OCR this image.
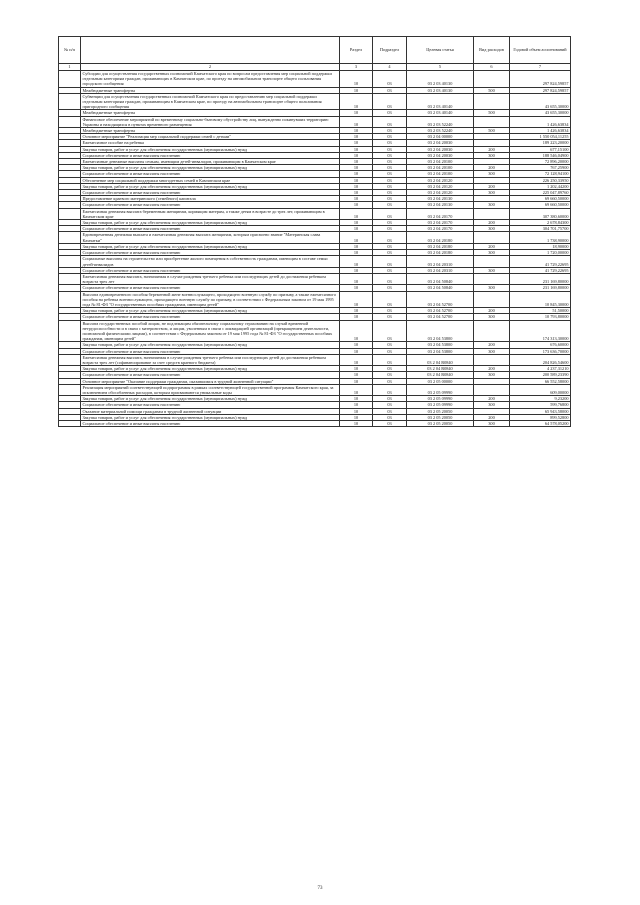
№ п/п		Раздел	Подраздел	Целевая статья	Вид расходов	Годовой объем ассигнований
1	2	3	4	5	6	7
	Субсидии для осуществления государственных полномочий Камчатского края по вопросам предоставления мер социальной поддержки отдельным категориям граждан, проживающих в Камчатском крае, по проезду на автомобильном транспорте общего пользования городского сообщения	10	03	03 2 03 40130		297 824,59857
	Межбюджетные трансферты	10	03	03 2 03 40130	500	297 824,59857
	Субвенции для осуществления государственных полномочий Камчатского края по предоставлению мер социальной поддержки отдельным категориям граждан, проживающим в Камчатском крае, по проезду на автомобильном транспорте общего пользования пригородного сообщения	10	03	03 2 03 40140		43 655,30000
	Межбюджетные трансферты	10	03	03 2 03 40140	500	43 655,30000
	Финансовое обеспечение мероприятий по временному социально-бытовому обустройству лиц, вынужденно покинувших территорию Украины и находящихся в пунктах временного размещения	10	03	03 2 03 52240		1 426,63834
	Межбюджетные трансферты	10	03	03 2 03 52240	500	1 426,63834
	Основное мероприятие "Реализация мер социальной поддержки семей с детьми"	10	03	03 2 04 00000		1 550 054,11255
	Ежемесячное пособие на ребенка	10	03	03 2 04 20030		189 223,20000
	Закупка товаров, работ и услуг для обеспечения государственных (муниципальных) нужд	10	03	03 2 04 20030	200	677,15100
	Социальное обеспечение и иные выплаты населению	10	03	03 2 04 20030	300	188 546,04900
	Ежемесячные денежные выплаты семьям, имеющим детей-инвалидов, проживающим в Камчатском крае	10	03	03 2 04 20100		72 896,20000
	Закупка товаров, работ и услуг для обеспечения государственных (муниципальных) нужд	10	03	03 2 04 20100	200	767,25900
	Социальное обеспечение и иные выплаты населению	10	03	03 2 04 20100	300	72 128,94100
	Обеспечение мер социальной поддержки многодетных семей в Камчатском крае	10	03	03 2 04 20120		226 250,33950
	Закупка товаров, работ и услуг для обеспечения государственных (муниципальных) нужд	10	03	03 2 04 20120	200	1 202,44200
	Социальное обеспечение и иные выплаты населению	10	03	03 2 04 20120	300	225 047,89760
	Предоставление краевого материнского (семейного) капитала	10	03	03 2 04 20130		69 660,50000
	Социальное обеспечение и иные выплаты населению	10	03	03 2 04 20130	300	69 660,50000
	Ежемесячная денежная выплата беременным женщинам, кормящим матерям, а также детям в возрасте до трех лет, проживающим в Камчатском крае	10	03	03 2 04 20170		307 380,60000
	Закупка товаров, работ и услуг для обеспечения государственных (муниципальных) нужд	10	03	03 2 04 20170	200	2 678,84300
	Социальное обеспечение и иные выплаты населению	10	03	03 2 04 20170	300	304 701,75700
	Единовременная денежная выплата и ежемесячная денежная выплата женщинам, которым присвоено звание "Материнская слава Камчатки"	10	03	03 2 04 20180		1 738,90000
	Закупка товаров, работ и услуг для обеспечения государственных (муниципальных) нужд	10	03	03 2 04 20180	200	18,90000
	Социальное обеспечение и иные выплаты населению	10	03	03 2 04 20180	300	1 720,00000
	Социальные выплаты на строительство или приобретение жилого помещения в собственность гражданам, имеющим в составе семьи детей-инвалидов	10	03	03 2 04 20310		41 729,22695
	Социальное обеспечение и иные выплаты населению	10	03	03 2 04 20310	300	41 729,22695
	Ежемесячная денежная выплата, назначаемая в случае рождения третьего ребенка или последующих детей до достижения ребенком возраста трех лет	10	03	03 2 04 50840		231 169,80000
	Социальное обеспечение и иные выплаты населению	10	03	03 2 04 50840	300	231 169,80000
	Выплата единовременного пособия беременной жене военнослужащего, проходящего военную службу по призыву, а также ежемесячного пособия на ребенка военнослужащего, проходящего военную службу по призыву, в соответствии с Федеральным законом от 19 мая 1995 года № 81-ФЗ "О государственных пособиях гражданам, имеющим детей"	10	03	03 2 04 52700		10 845,30000
	Закупка товаров, работ и услуг для обеспечения государственных (муниципальных) нужд	10	03	03 2 04 52700	200	51,50000
	Социальное обеспечение и иные выплаты населению	10	03	03 2 04 52700	300	10 793,80000
	Выплата государственных пособий лицам, не подлежащим обязательному социальному страхованию на случай временной нетрудоспособности и в связи с материнством, и лицам, уволенным в связи с ликвидацией организаций (прекращением деятельности, полномочий физическими лицами), в соответствии с Федеральным законом от 19 мая 1995 года № 81-ФЗ "О государственных пособиях гражданам, имеющим детей"	10	03	03 2 04 53800		174 313,30000
	Закупка товаров, работ и услуг для обеспечения государственных (муниципальных) нужд	10	03	03 2 04 53800	200	676,60000
	Социальное обеспечение и иные выплаты населению	10	03	03 2 04 53800	300	173 636,70000
	Ежемесячная денежная выплата, назначаемая в случае рождения третьего ребенка или последующих детей до достижения ребенком возраста трех лет (софинансирование за счет средств краевого бюджета)	10	03	03 2 04 R0840		204 826,54600
	Закупка товаров, работ и услуг для обеспечения государственных (муниципальных) нужд	10	03	03 2 04 R0840	200	4 237,31210
	Социальное обеспечение и иные выплаты населению	10	03	03 2 04 R0840	300	200 589,23390
	Основное мероприятие "Оказание поддержки гражданам, оказавшимся в трудной жизненной ситуации"	10	03	03 2 05 00000		66 552,58000
	Реализация мероприятий соответствующей подпрограммы в рамках соответствующей государственной программы Камчатского края, за исключением обособленных расходов, которым присваиваются уникальные коды	10	03	03 2 05 09990		609,00000
	Закупка товаров, работ и услуг для обеспечения государственных (муниципальных) нужд	10	03	03 2 05 09990	200	9,23200
	Социальное обеспечение и иные выплаты населению	10	03	03 2 05 09990	300	599,76800
	Оказание материальной помощи гражданам в трудной жизненной ситуации	10	03	03 2 05 20050		65 943,58000
	Закупка товаров, работ и услуг для обеспечения государственных (муниципальных) нужд	10	03	03 2 05 20050	200	899,52800
	Социальное обеспечение и иные выплаты населению	10	03	03 2 05 20050	300	64 578,05200
73
